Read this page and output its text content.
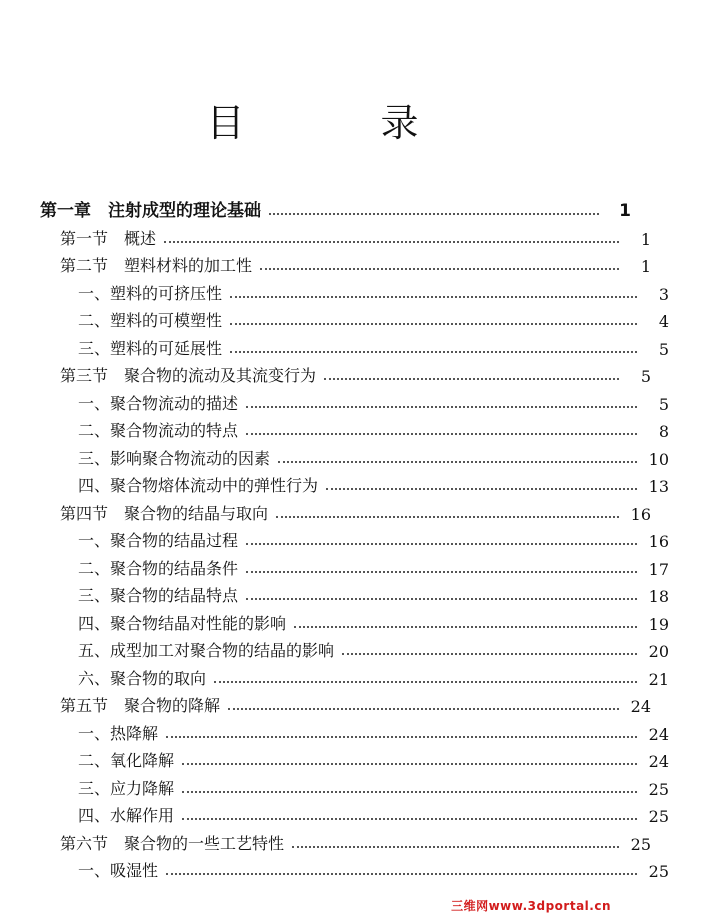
目 录
第一章　注射成型的理论基础	1
第一节　概述	1
第二节　塑料材料的加工性	1
一、塑料的可挤压性	3
二、塑料的可模塑性	4
三、塑料的可延展性	5
第三节　聚合物的流动及其流变行为	5
一、聚合物流动的描述	5
二、聚合物流动的特点	8
三、影响聚合物流动的因素	10
四、聚合物熔体流动中的弹性行为	13
第四节　聚合物的结晶与取向	16
一、聚合物的结晶过程	16
二、聚合物的结晶条件	17
三、聚合物的结晶特点	18
四、聚合物结晶对性能的影响	19
五、成型加工对聚合物的结晶的影响	20
六、聚合物的取向	21
第五节　聚合物的降解	24
一、热降解	24
二、氧化降解	24
三、应力降解	25
四、水解作用	25
第六节　聚合物的一些工艺特性	25
一、吸湿性	25
三维网www.3dportal.cn
